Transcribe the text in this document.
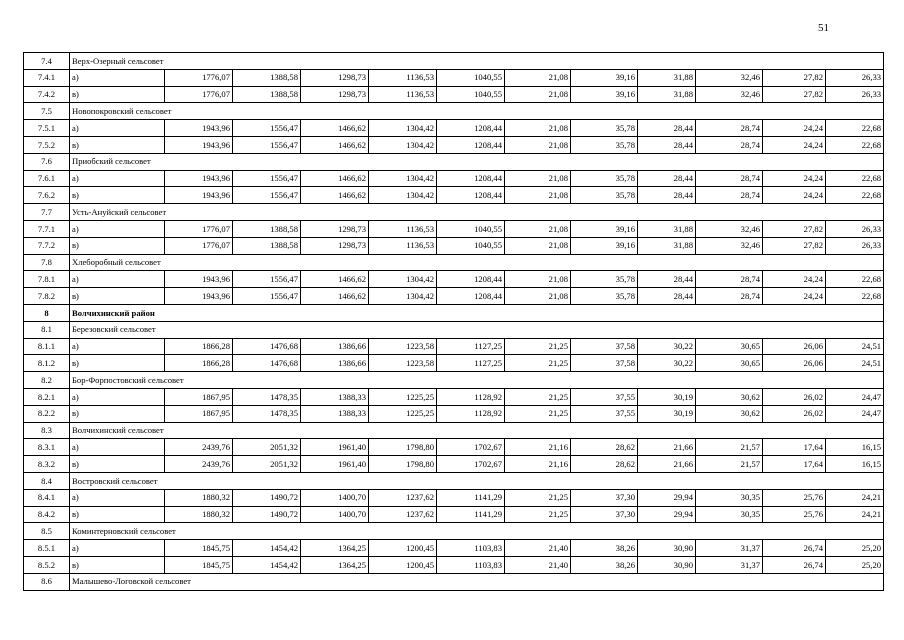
51
7.4	Верх-Озерный сельсовет											
7.4.1	а)	1776,07	1388,58	1298,73	1136,53	1040,55	21,08	39,16	31,88	32,46	27,82	26,33
7.4.2	в)	1776,07	1388,58	1298,73	1136,53	1040,55	21,08	39,16	31,88	32,46	27,82	26,33
7.5	Новопокровский сельсовет											
7.5.1	а)	1943,96	1556,47	1466,62	1304,42	1208,44	21,08	35,78	28,44	28,74	24,24	22,68
7.5.2	в)	1943,96	1556,47	1466,62	1304,42	1208,44	21,08	35,78	28,44	28,74	24,24	22,68
7.6	Приобский сельсовет											
7.6.1	а)	1943,96	1556,47	1466,62	1304,42	1208,44	21,08	35,78	28,44	28,74	24,24	22,68
7.6.2	в)	1943,96	1556,47	1466,62	1304,42	1208,44	21,08	35,78	28,44	28,74	24,24	22,68
7.7	Усть-Ануйский сельсовет											
7.7.1	а)	1776,07	1388,58	1298,73	1136,53	1040,55	21,08	39,16	31,88	32,46	27,82	26,33
7.7.2	в)	1776,07	1388,58	1298,73	1136,53	1040,55	21,08	39,16	31,88	32,46	27,82	26,33
7.8	Хлеборобный сельсовет											
7.8.1	а)	1943,96	1556,47	1466,62	1304,42	1208,44	21,08	35,78	28,44	28,74	24,24	22,68
7.8.2	в)	1943,96	1556,47	1466,62	1304,42	1208,44	21,08	35,78	28,44	28,74	24,24	22,68
8	Волчихинский район											
8.1	Березовский сельсовет											
8.1.1	а)	1866,28	1476,68	1386,66	1223,58	1127,25	21,25	37,58	30,22	30,65	26,06	24,51
8.1.2	в)	1866,28	1476,68	1386,66	1223,58	1127,25	21,25	37,58	30,22	30,65	26,06	24,51
8.2	Бор-Форпостовский сельсовет											
8.2.1	а)	1867,95	1478,35	1388,33	1225,25	1128,92	21,25	37,55	30,19	30,62	26,02	24,47
8.2.2	в)	1867,95	1478,35	1388,33	1225,25	1128,92	21,25	37,55	30,19	30,62	26,02	24,47
8.3	Волчихинский сельсовет											
8.3.1	а)	2439,76	2051,32	1961,40	1798,80	1702,67	21,16	28,62	21,66	21,57	17,64	16,15
8.3.2	в)	2439,76	2051,32	1961,40	1798,80	1702,67	21,16	28,62	21,66	21,57	17,64	16,15
8.4	Востровский сельсовет											
8.4.1	а)	1880,32	1490,72	1400,70	1237,62	1141,29	21,25	37,30	29,94	30,35	25,76	24,21
8.4.2	в)	1880,32	1490,72	1400,70	1237,62	1141,29	21,25	37,30	29,94	30,35	25,76	24,21
8.5	Коминтерновский сельсовет											
8.5.1	а)	1845,75	1454,42	1364,25	1200,45	1103,83	21,40	38,26	30,90	31,37	26,74	25,20
8.5.2	в)	1845,75	1454,42	1364,25	1200,45	1103,83	21,40	38,26	30,90	31,37	26,74	25,20
8.6	Малышево-Логовской сельсовет											
